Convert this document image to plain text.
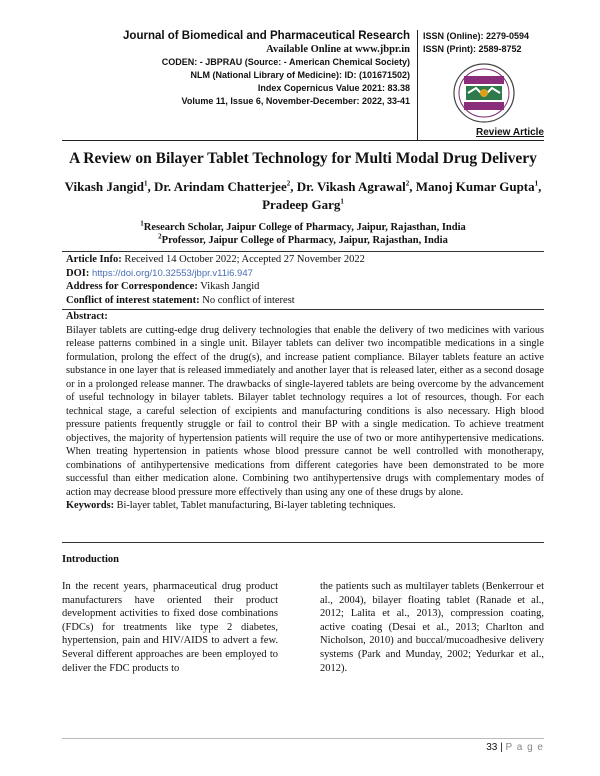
Journal of Biomedical and Pharmaceutical Research
Available Online at www.jbpr.in
CODEN: - JBPRAU (Source: - American Chemical Society)
NLM (National Library of Medicine): ID: (101671502)
Index Copernicus Value 2021: 83.38
Volume 11, Issue 6, November-December: 2022, 33-41
ISSN (Online): 2279-0594
ISSN (Print): 2589-8752
Review Article
A Review on Bilayer Tablet Technology for Multi Modal Drug Delivery
Vikash Jangid$^1$, Dr. Arindam Chatterjee$^2$, Dr. Vikash Agrawal$^2$, Manoj Kumar Gupta$^1$, Pradeep Garg$^1$
$^1$Research Scholar, Jaipur College of Pharmacy, Jaipur, Rajasthan, India
$^2$Professor, Jaipur College of Pharmacy, Jaipur, Rajasthan, India
Article Info: Received 14 October 2022; Accepted 27 November 2022
DOI: https://doi.org/10.32553/jbpr.v11i6.947
Address for Correspondence: Vikash Jangid
Conflict of interest statement: No conflict of interest
Abstract:
Bilayer tablets are cutting-edge drug delivery technologies that enable the delivery of two medicines with various release patterns combined in a single unit. Bilayer tablets can deliver two incompatible medications in a single formulation, prolong the effect of the drug(s), and increase patient compliance. Bilayer tablets feature an active substance in one layer that is released immediately and another layer that is released later, either as a second dosage or in a prolonged release manner. The drawbacks of single-layered tablets are being overcome by the advancement of useful technology in bilayer tablets. Bilayer tablet technology requires a lot of resources, though. For each technical stage, a careful selection of excipients and manufacturing conditions is also necessary. High blood pressure patients frequently struggle or fail to control their BP with a single medication. To achieve treatment objectives, the majority of hypertension patients will require the use of two or more antihypertensive medications. When treating hypertension in patients whose blood pressure cannot be well controlled with monotherapy, combinations of antihypertensive medications from different categories have been demonstrated to be more successful than either medication alone. Combining two antihypertensive drugs with complementary modes of action may decrease blood pressure more effectively than using any one of these drugs by alone.
Keywords: Bi-layer tablet, Tablet manufacturing, Bi-layer tableting techniques.
Introduction
In the recent years, pharmaceutical drug product manufacturers have oriented their product development activities to fixed dose combinations (FDCs) for treatments like type 2 diabetes, hypertension, pain and HIV/AIDS to advert a few. Several different approaches are been employed to deliver the FDC products to
the patients such as multilayer tablets (Benkerrour et al., 2004), bilayer floating tablet (Ranade et al., 2012; Lalita et al., 2013), compression coating, active coating (Desai et al., 2013; Charlton and Nicholson, 2010) and buccal/mucoadhesive delivery systems (Park and Munday, 2002; Yedurkar et al., 2012).
33 | P a g e
